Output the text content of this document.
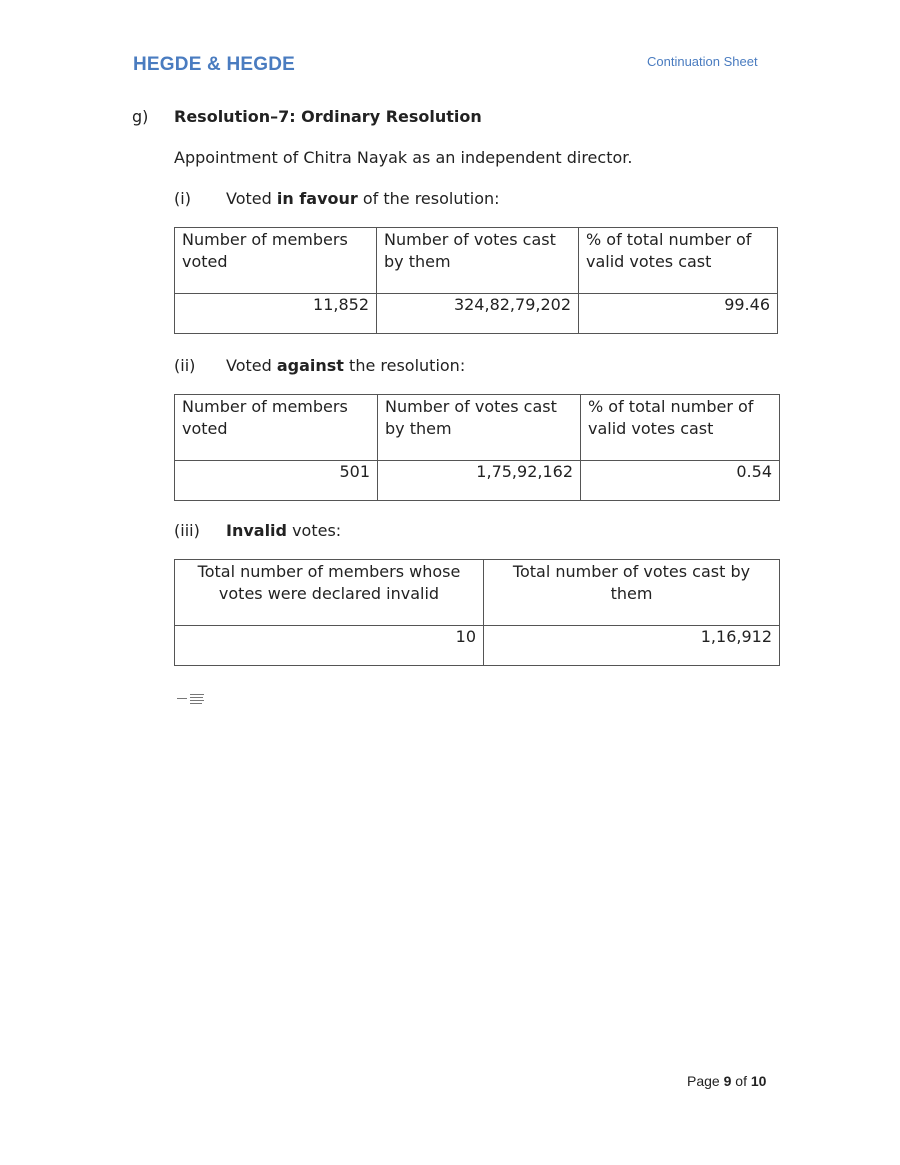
HEGDE & HEGDE	Continuation Sheet
g) Resolution–7: Ordinary Resolution
Appointment of Chitra Nayak as an independent director.
(i) Voted in favour of the resolution:
Number of members voted	Number of votes cast by them	% of total number of valid votes cast
11,852	324,82,79,202	99.46
(ii) Voted against the resolution:
Number of members voted	Number of votes cast by them	% of total number of valid votes cast
501	1,75,92,162	0.54
(iii) Invalid votes:
Total number of members whose votes were declared invalid	Total number of votes cast by them
10	1,16,912
Page 9 of 10
